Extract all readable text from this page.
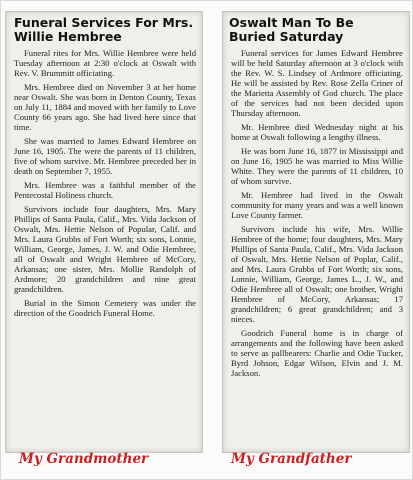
Funeral Services For Mrs. Willie Hembree

Funeral rites for Mrs. Willie Hembree were held Tuesday afternoon at 2:30 o'clock at Oswalt with Rev. V. Brummitt officiating.

Mrs. Hembree died on November 3 at her home near Oswalt. She was born in Denton County, Texas on July 11, 1884 and moved with her family to Love County 66 years ago. She had lived here since that time.

She was married to James Edward Hembree on June 16, 1905. The were the parents of 11 children, five of whom survive. Mr. Hembree preceded her in death on September 7, 1955.

Mrs. Hembree was a faithful member of the Pentecostal Holiness church.

Survivors include four daughters, Mrs. Mary Phillips of Santa Paula, Calif., Mrs. Vida Jackson of Oswalt, Mrs. Hettie Nelson of Popular, Calif. and Mrs. Laura Grubbs of Fort Worth; six sons, Lonnie, William, George, James, J. W. and Odie Hembree, all of Oswalt and Wright Hembree of McCory, Arkansas; one sister, Mrs. Mollie Randolph of Ardmore; 20 grandchildren and nine great grandchildren.

Burial in the Simon Cemetery was under the direction of the Goodrich Funeral Home.

Oswalt Man To Be Buried Saturday

Funeral services for James Edward Hembree will be held Saturday afternoon at 3 o'clock with the Rev. W. S. Lindsey of Ardmore officiating. He will be assisted by Rev. Rose Zella Criner of the Marietta Assembly of God church. The place of the services had not been decided upon Thursday afternoon.

Mr. Hembree died Wednesday night at his home at Oswalt following a lengthy illness.

He was born June 16, 1877 in Mississippi and on June 16, 1905 he was married to Miss Willie White. They were the parents of 11 children, 10 of whom survive.

Mr. Hembree had lived in the Oswalt community for many years and was a well known Love County farmer.

Survivors include his wife, Mrs. Willie Hembree of the home; four daughters, Mrs. Mary Phillips of Santa Paula, Calif., Mrs. Vida Jackson of Oswalt, Mrs. Hettie Nelson of Poplar, Calif., and Mrs. Laura Grubbs of Fort Worth; six sons, Lonnie, William, George, James L., J. W., and Odie Hembree all of Oswalt; one brother, Wright Hembree of McCory, Arkansas; 17 grandchildren; 6 great grandchildren; and 3 nieces.

Goodrich Funeral home is in charge of arrangements and the following have been asked to serve as pallbearers: Charlie and Odie Tucker, Byrd Johson, Edgar Wilson, Elvin and J. M. Jackson.

My Grandmother	My Grandfather
